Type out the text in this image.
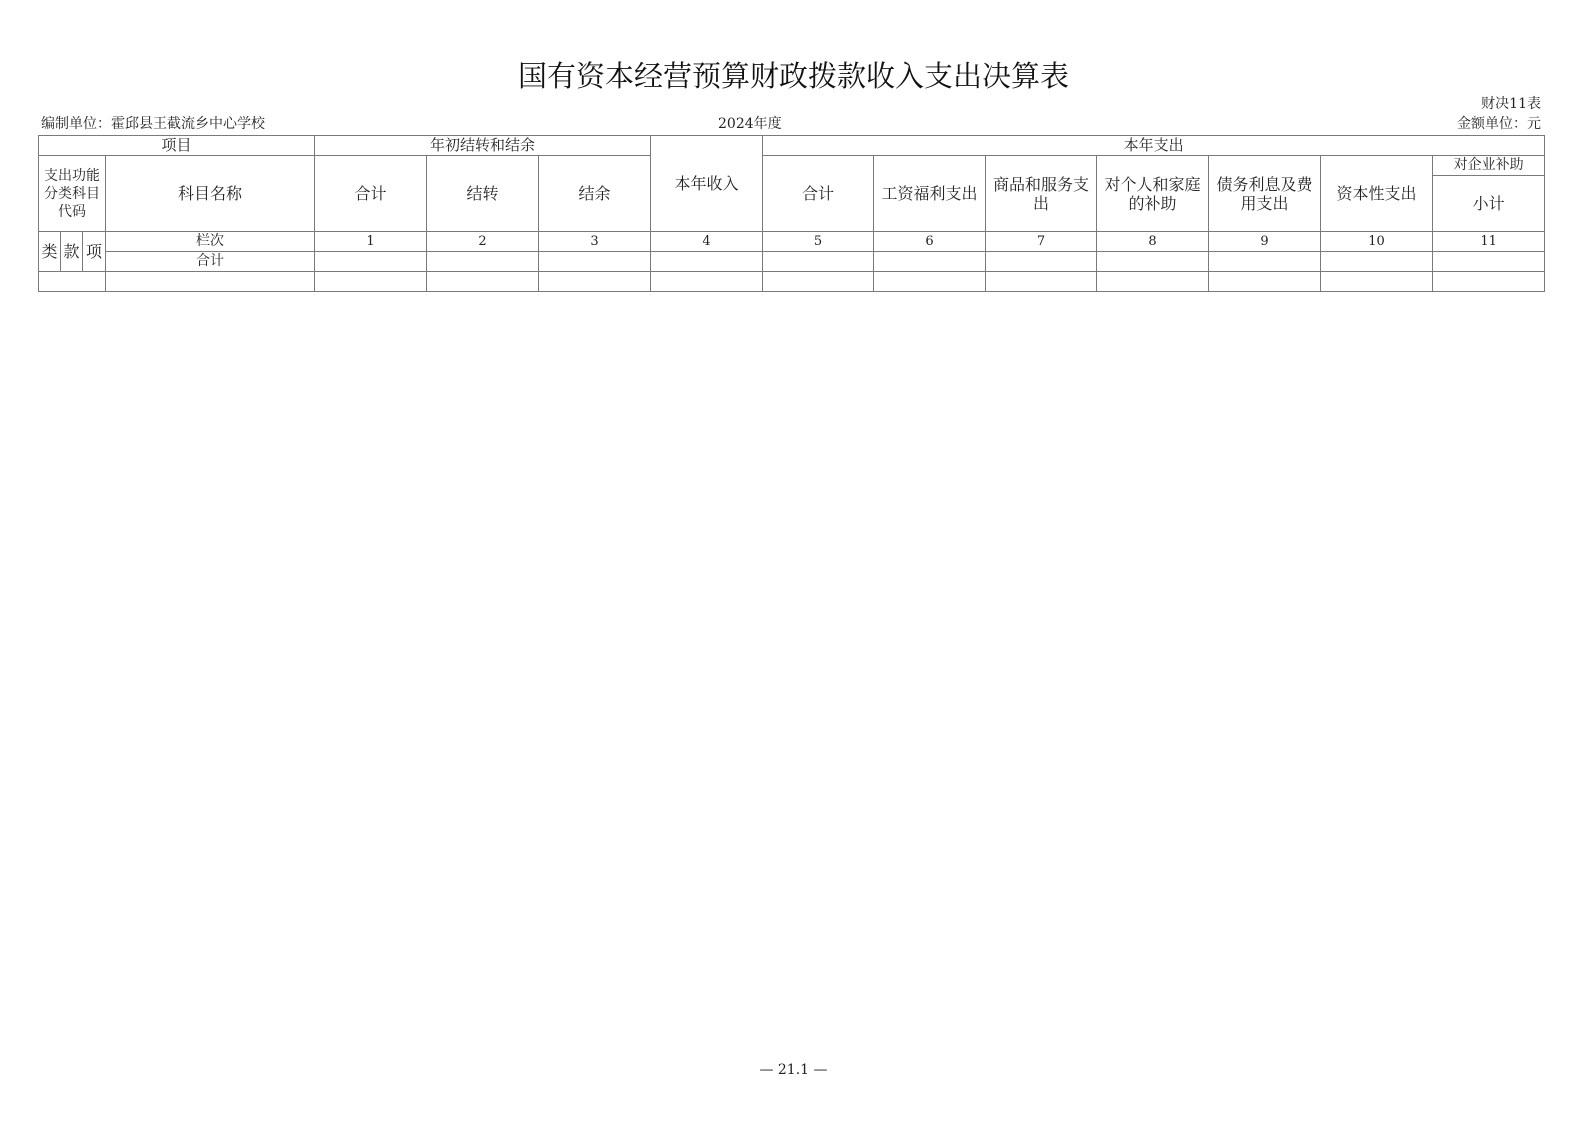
国有资本经营预算财政拨款收入支出决算表
财决11表
编制单位：霍邱县王截流乡中心学校	2024年度	金额单位：元
项目				年初结转和结余			本年收入	本年支出						
支出功能分类科目代码			科目名称	合计	结转	结余		合计	工资福利支出	商品和服务支出	对个人和家庭的补助	债务利息及费用支出	资本性支出	对企业补助
														小计
类	款	项	栏次	1	2	3	4	5	6	7	8	9	10	11
			合计											

— 21.1 —
